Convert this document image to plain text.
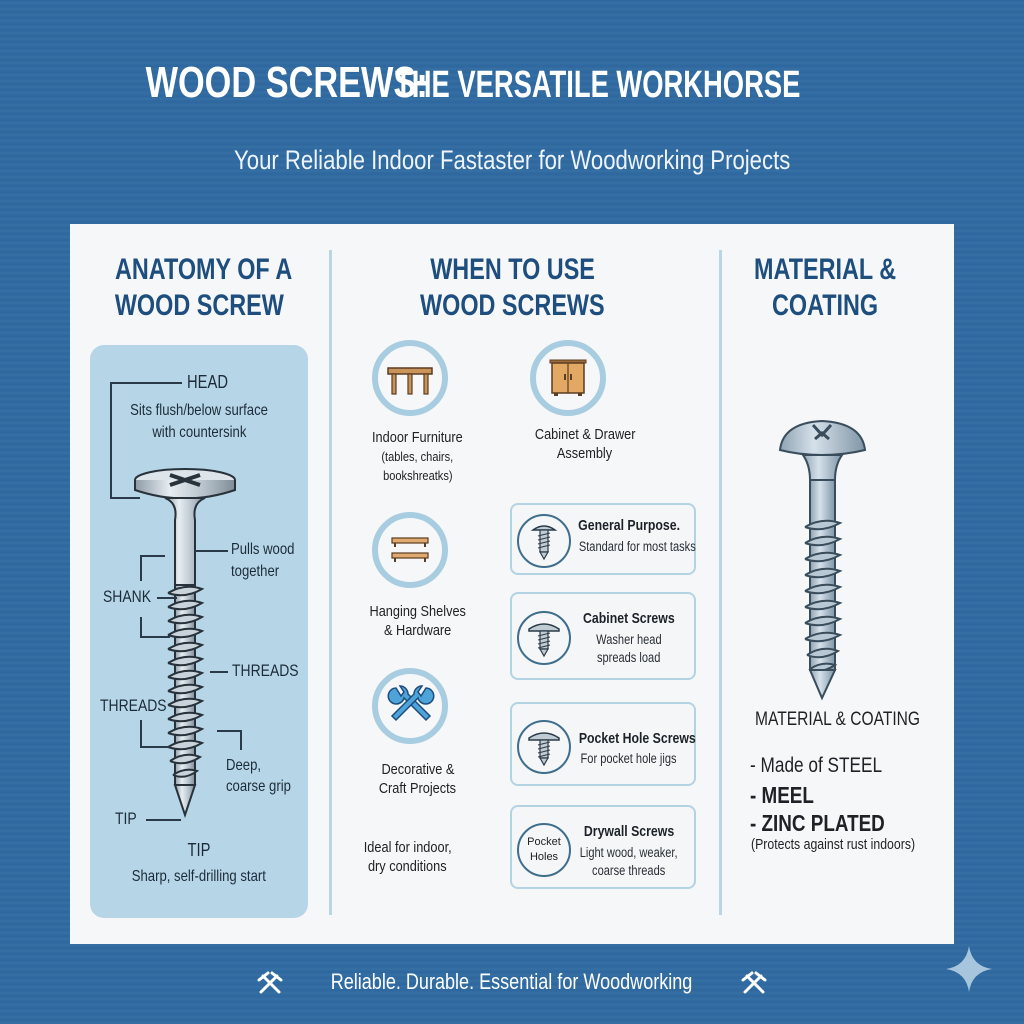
WOOD SCREWS: THE VERSATILE WORKHORSE
Your Reliable Indoor Fastaster for Woodworking Projects
ANATOMY OF A
WOOD SCREW
HEAD
Sits flush/below surface
with countersink
Pulls wood
together
SHANK
THREADS
THREADS
Deep,
coarse grip
TIP
TIP
Sharp, self-drilling start
WHEN TO USE
WOOD SCREWS
Indoor Furniture
(tables, chairs,
bookshreatks)
Cabinet & Drawer
Assembly
Hanging Shelves
& Hardware
Decorative &
Craft Projects
Ideal for indoor,
dry conditions
General Purpose.
Standard for most tasks
Cabinet Screws
Washer head
spreads load
Pocket Hole Screws
For pocket hole jigs
Pocket
Holes
Drywall Screws
Light wood, weaker,
coarse threads
MATERIAL &
COATING
MATERIAL & COATING
- Made of STEEL
- MEEL
- ZINC PLATED
(Protects against rust indoors)
Reliable. Durable. Essential for Woodworking
